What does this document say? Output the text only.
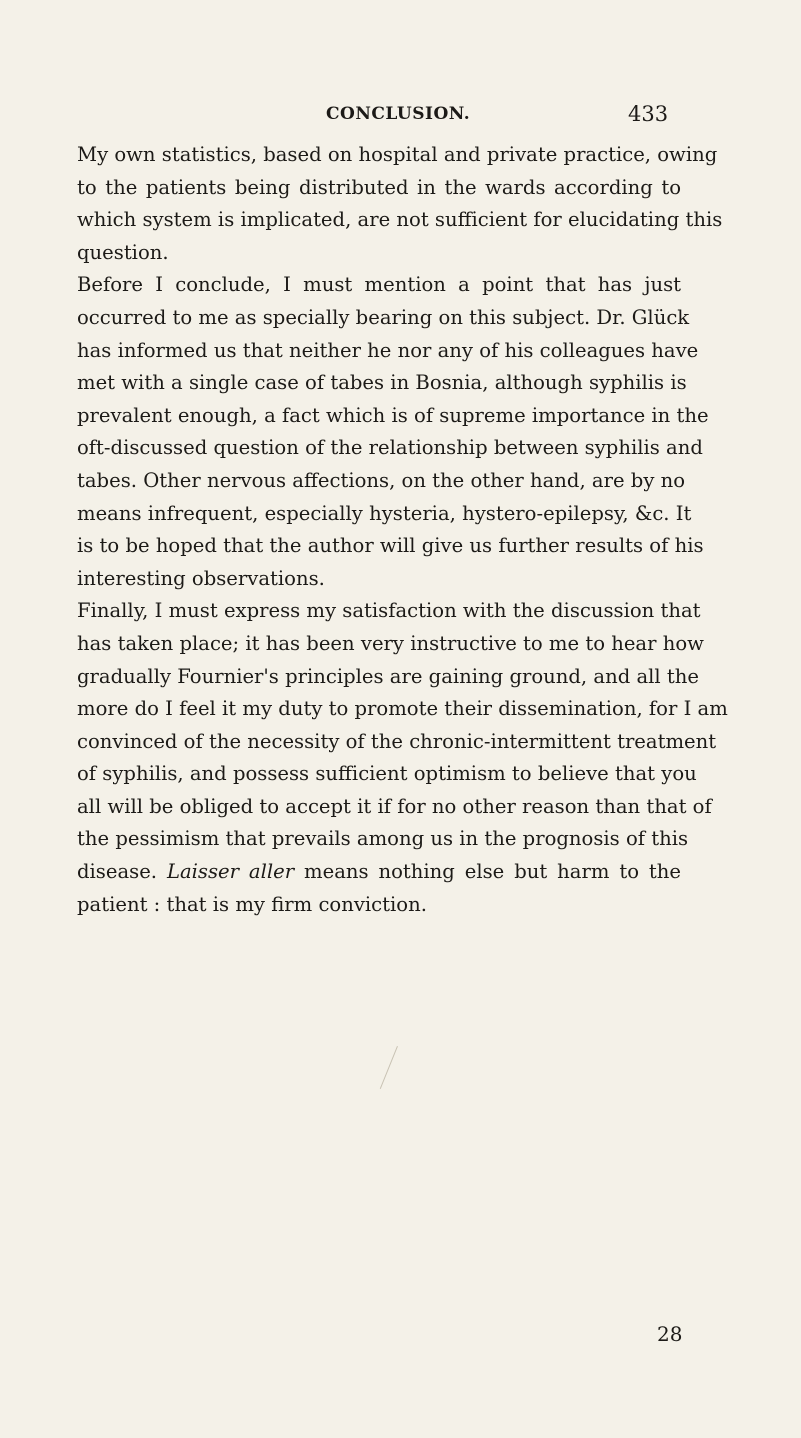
CONCLUSION.	433
My own statistics, based on hospital and private practice, owing
to the patients being distributed in the wards according to
which system is implicated, are not sufficient for elucidating this
question.
Before I conclude, I must mention a point that has just
occurred to me as specially bearing on this subject. Dr. Glück
has informed us that neither he nor any of his colleagues have
met with a single case of tabes in Bosnia, although syphilis is
prevalent enough, a fact which is of supreme importance in the
oft-discussed question of the relationship between syphilis and
tabes. Other nervous affections, on the other hand, are by no
means infrequent, especially hysteria, hystero-epilepsy, &c. It
is to be hoped that the author will give us further results of his
interesting observations.
Finally, I must express my satisfaction with the discussion that
has taken place; it has been very instructive to me to hear how
gradually Fournier's principles are gaining ground, and all the
more do I feel it my duty to promote their dissemination, for I am
convinced of the necessity of the chronic-intermittent treatment
of syphilis, and possess sufficient optimism to believe that you
all will be obliged to accept it if for no other reason than that of
the pessimism that prevails among us in the prognosis of this
disease. Laisser aller means nothing else but harm to the
patient : that is my firm conviction.
28
